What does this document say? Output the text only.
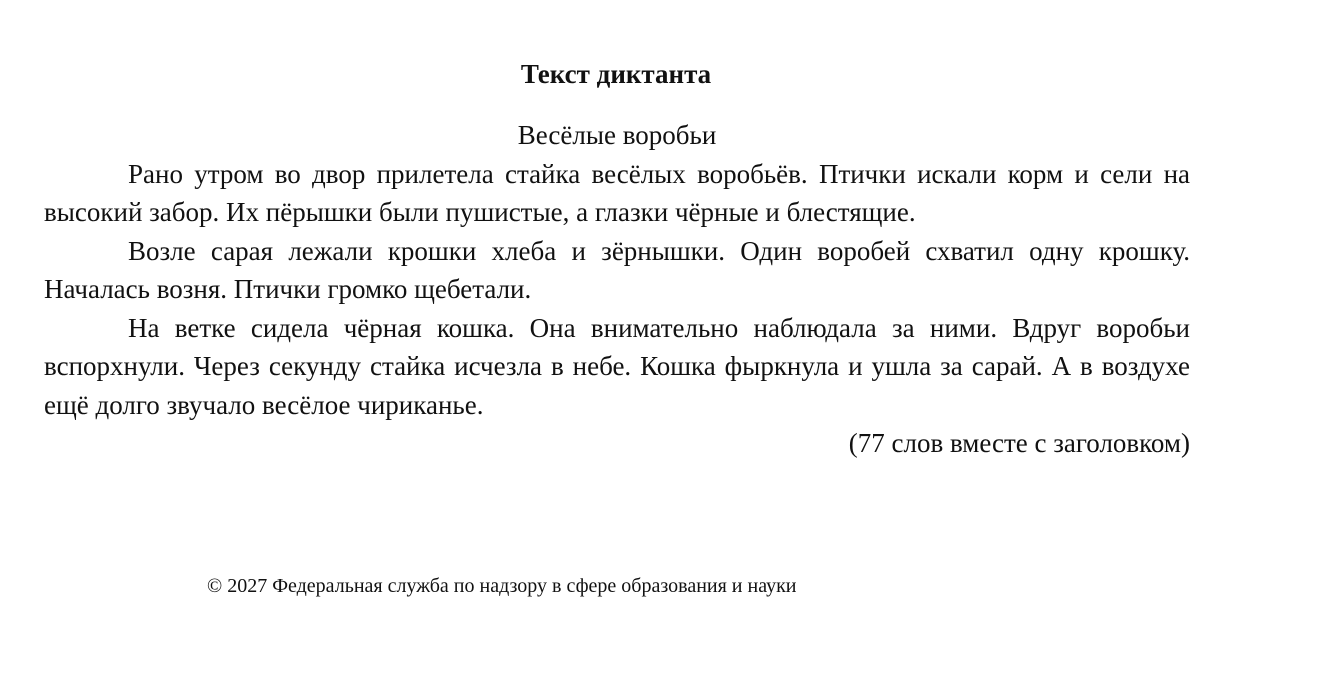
Текст диктанта

Весёлые воробьи

Рано утром во двор прилетела стайка весёлых воробьёв. Птички искали корм и сели на высокий забор. Их пёрышки были пушистые, а глазки чёрные и блестящие.

Возле сарая лежали крошки хлеба и зёрнышки. Один воробей схватил одну крошку. Началась возня. Птички громко щебетали.

На ветке сидела чёрная кошка. Она внимательно наблюдала за ними. Вдруг воробьи вспорхнули. Через секунду стайка исчезла в небе. Кошка фыркнула и ушла за сарай. А в воздухе ещё долго звучало весёлое чириканье.

(77 слов вместе с заголовком)

© 2027 Федеральная служба по надзору в сфере образования и науки
